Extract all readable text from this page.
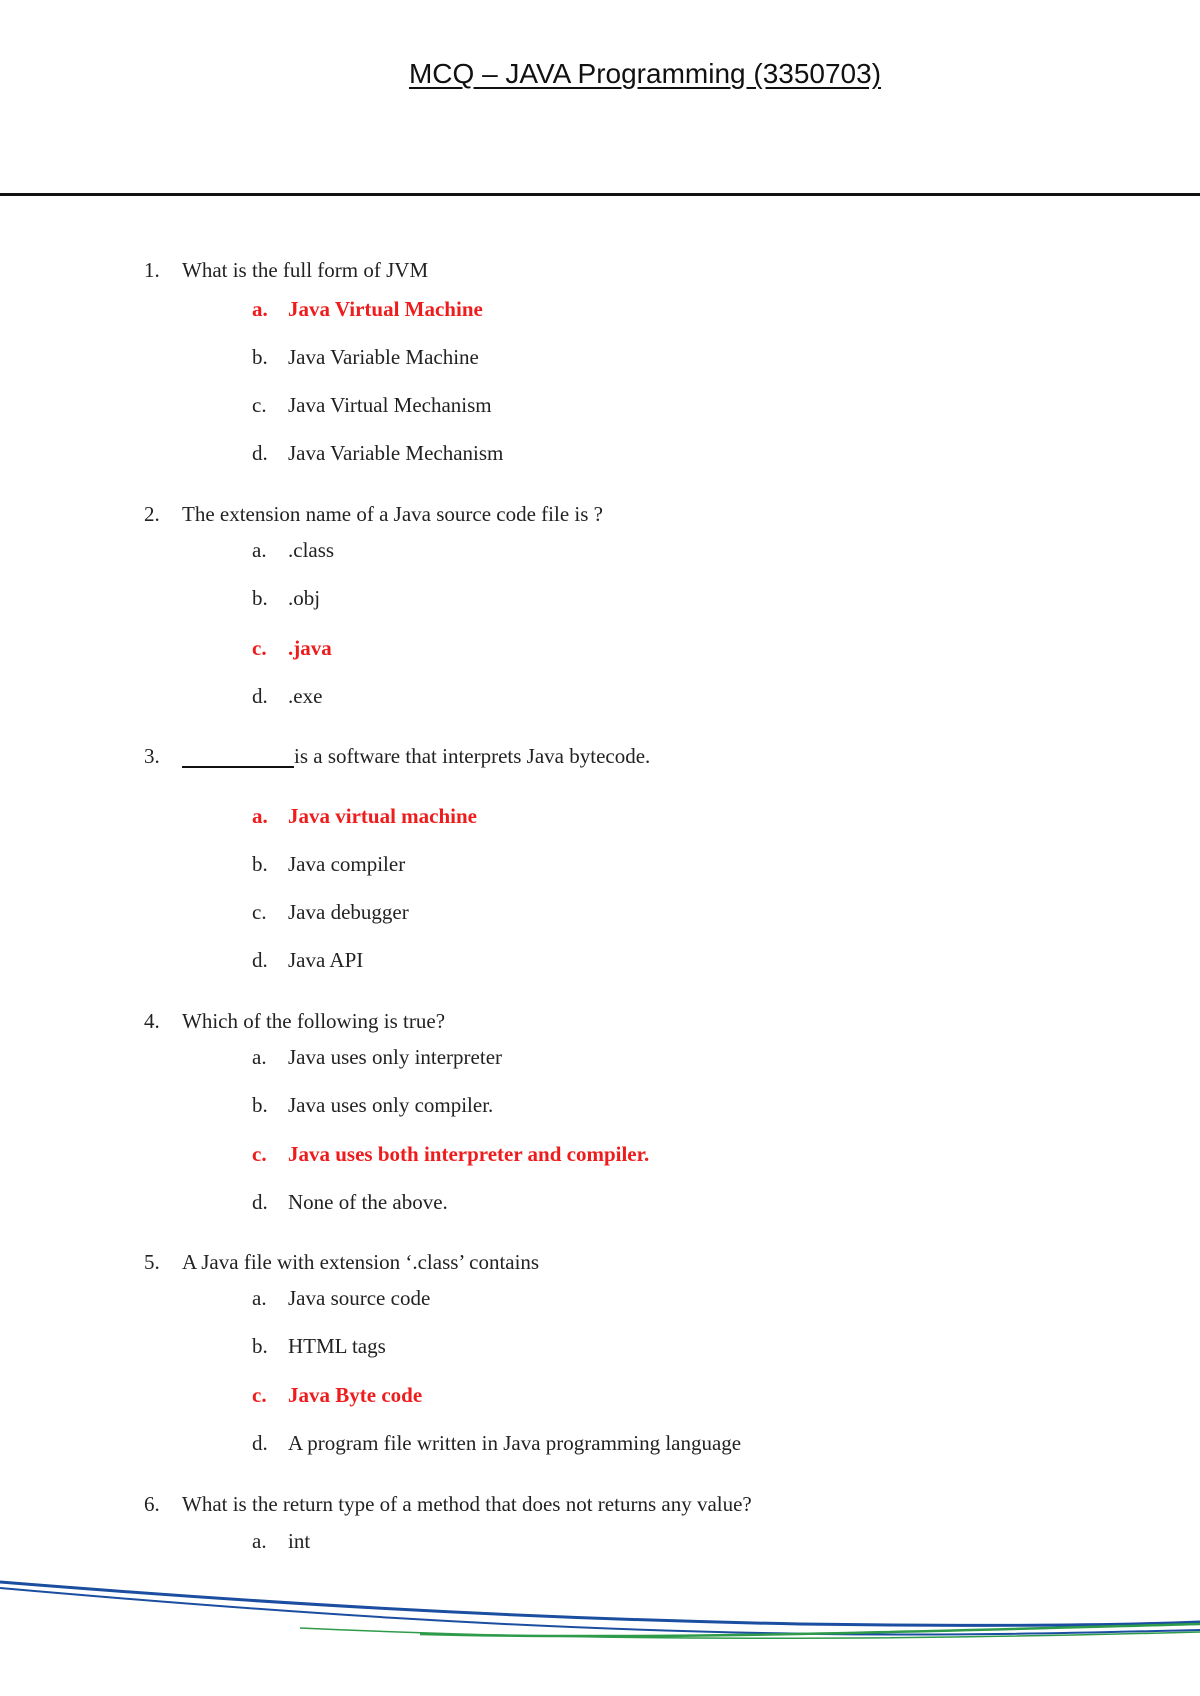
MCQ – JAVA Programming (3350703)
1.	What is the full form of JVM
a. Java Virtual Machine
b. Java Variable Machine
c.	Java Virtual Mechanism
d. Java Variable Mechanism
2.	The extension name of a Java source code file is ?
a.	.class
b. .obj
c.	.java
d. .exe
3.	is a software that interprets Java bytecode.
a. Java virtual machine
b. Java compiler
c.	Java debugger
d. Java API
4.	Which of the following is true?
a.	Java uses only interpreter
b. Java uses only compiler.
c.	Java uses both interpreter and compiler.
d. None of the above.
5.	A Java file with extension ‘.class’ contains
a.	Java source code
b. HTML tags
c.	Java Byte code
d. A program file written in Java programming language
6.	What is the return type of a method that does not returns any value?
a.	int
